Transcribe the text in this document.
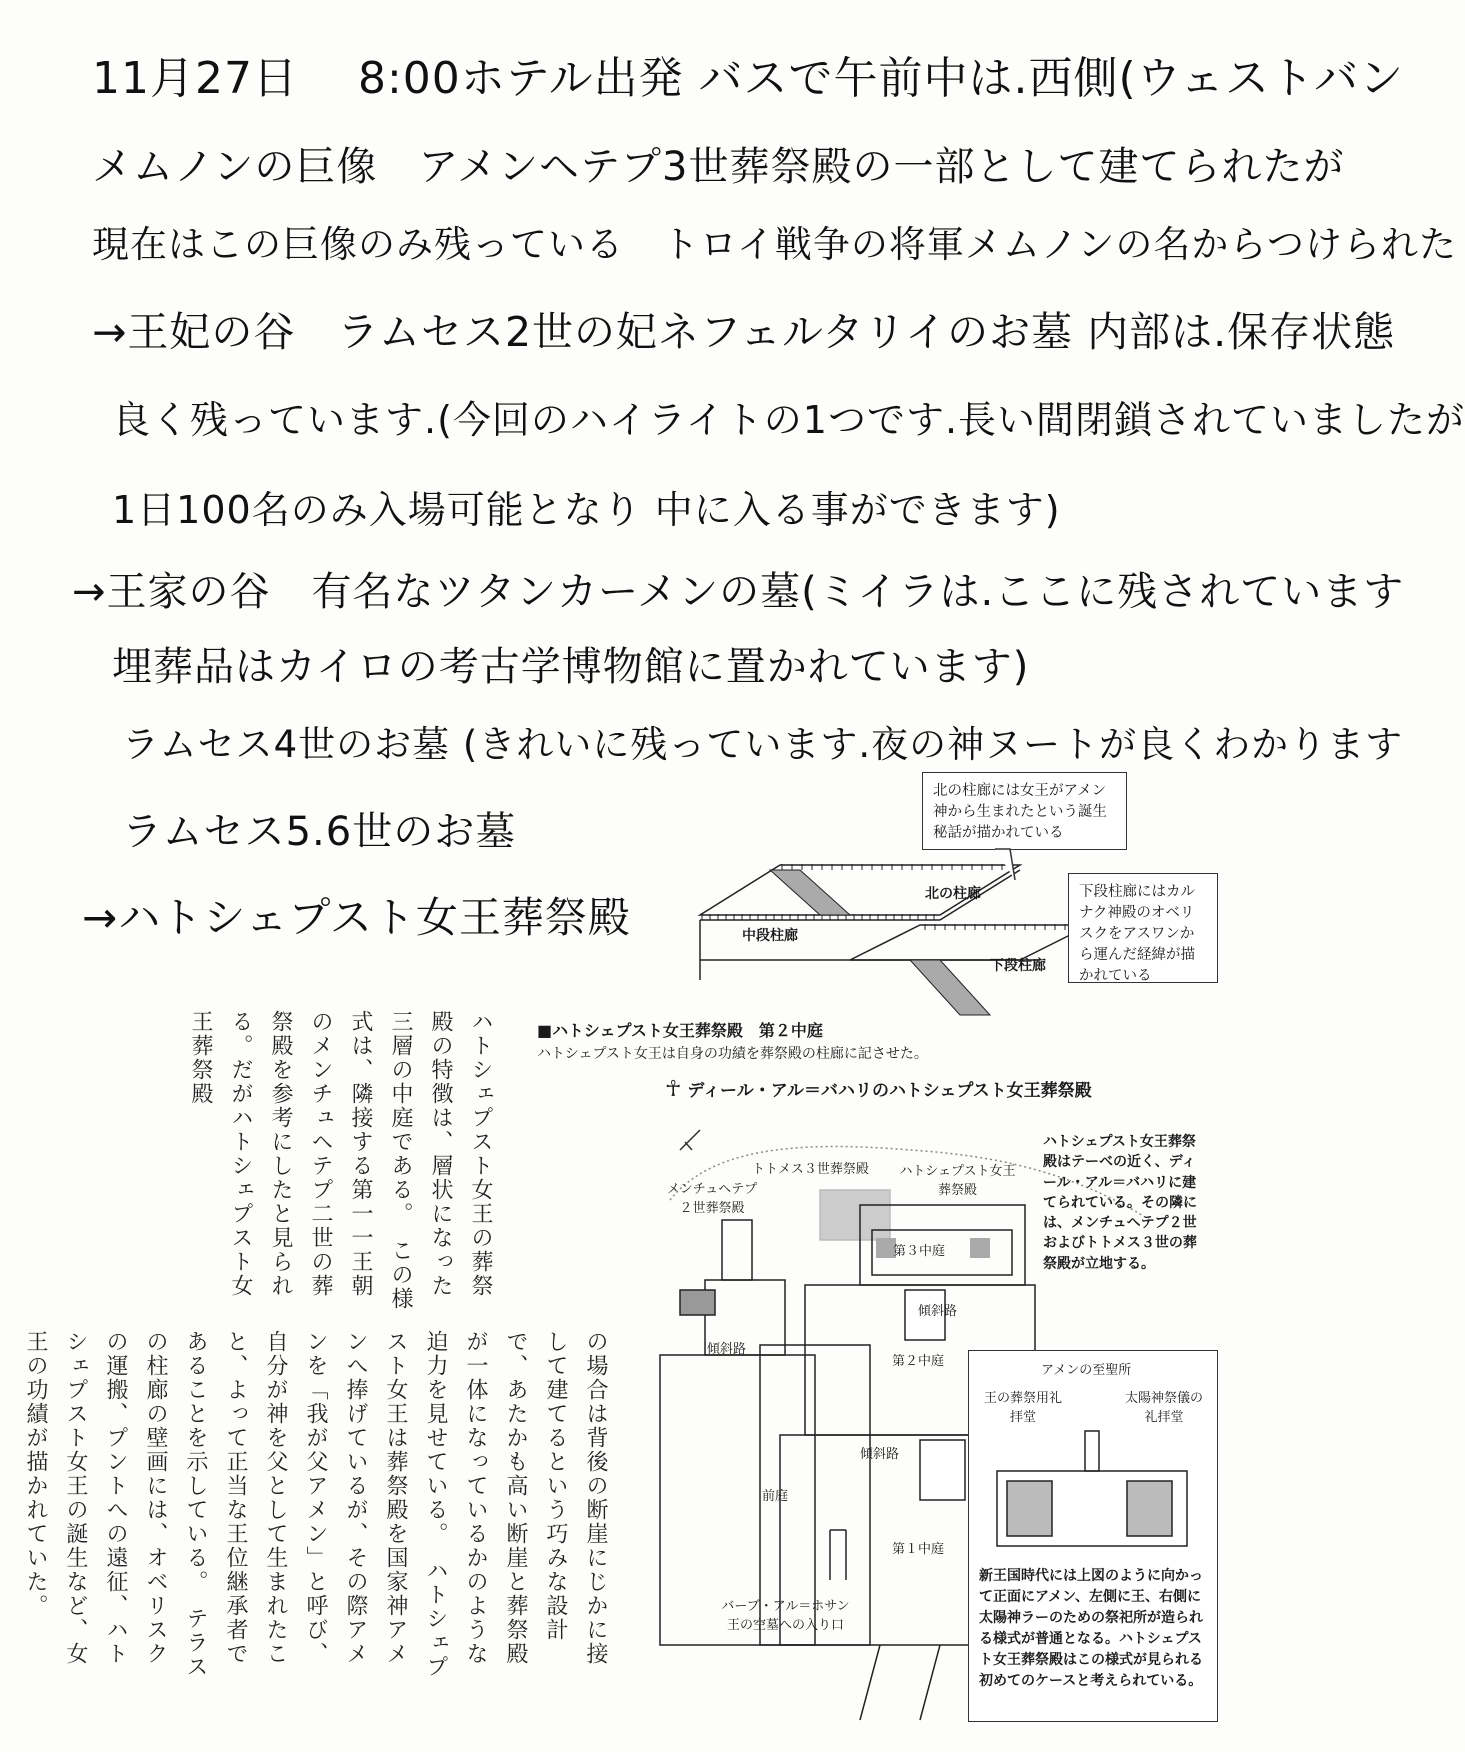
11月27日　 8:00ホテル出発 バスで午前中は.西側(ウェストバン
メムノンの巨像　アメンヘテプ3世葬祭殿の一部として建てられたが
現在はこの巨像のみ残っている　トロイ戦争の将軍メムノンの名からつけられた
→王妃の谷　ラムセス2世の妃ネフェルタリイのお墓 内部は.保存状態
良く残っています.(今回のハイライトの1つです.長い間閉鎖されていましたが
1日100名のみ入場可能となり 中に入る事ができます)
→王家の谷　有名なツタンカーメンの墓(ミイラは.ここに残されています
埋葬品はカイロの考古学博物館に置かれています)
ラムセス4世のお墓 (きれいに残っています.夜の神ヌートが良くわかります
ラムセス5.6世のお墓
→ハトシェプスト女王葬祭殿	北の柱廊
中段柱廊
下段柱廊
北の柱廊には女王がアメン神から生まれたという誕生秘話が描かれている
下段柱廊にはカルナク神殿のオベリスクをアスワンから運んだ経緯が描かれている
■ハトシェプスト女王葬祭殿　第２中庭
ハトシェプスト女王は自身の功績を葬祭殿の柱廊に記させた。
☥ ディール・アル＝バハリのハトシェプスト女王葬祭殿
トトメス３世葬祭殿	ハトシェプスト女王葬祭殿
メンチュヘテプ２世葬祭殿
第３中庭
傾斜路
傾斜路
第２中庭
傾斜路
前庭
第１中庭
バーブ・アル＝ホサン王の空墓への入り口
ハトシェプスト女王葬祭殿はテーベの近く、ディール・アル＝バハリに建てられている。その隣には、メンチュヘテプ２世およびトトメス３世の葬祭殿が立地する。
アメンの至聖所
王の葬祭用礼拝堂
太陽神祭儀の礼拝堂
新王国時代には上図のように向かって正面にアメン、左側に王、右側に太陽神ラーのための祭祀所が造られる様式が普通となる。ハトシェプスト女王葬祭殿はこの様式が見られる初めてのケースと考えられている。
ハトシェプスト女王の葬祭殿の特徴は、層状になった三層の中庭である。　この様式は、隣接する第一一王朝のメンチュヘテプ二世の葬祭殿を参考にしたと見られる。だがハトシェプスト女王葬祭殿
の場合は背後の断崖にじかに接して建てるという巧みな設計で、あたかも高い断崖と葬祭殿が一体になっているかのような迫力を見せている。　ハトシェプスト女王は葬祭殿を国家神アメンへ捧げているが、その際アメンを「我が父アメン」と呼び、自分が神を父として生まれたこと、よって正当な王位継承者であることを示している。　テラスの柱廊の壁画には、オベリスクの運搬、プントへの遠征、ハトシェプスト女王の誕生など、女王の功績が描かれていた。
